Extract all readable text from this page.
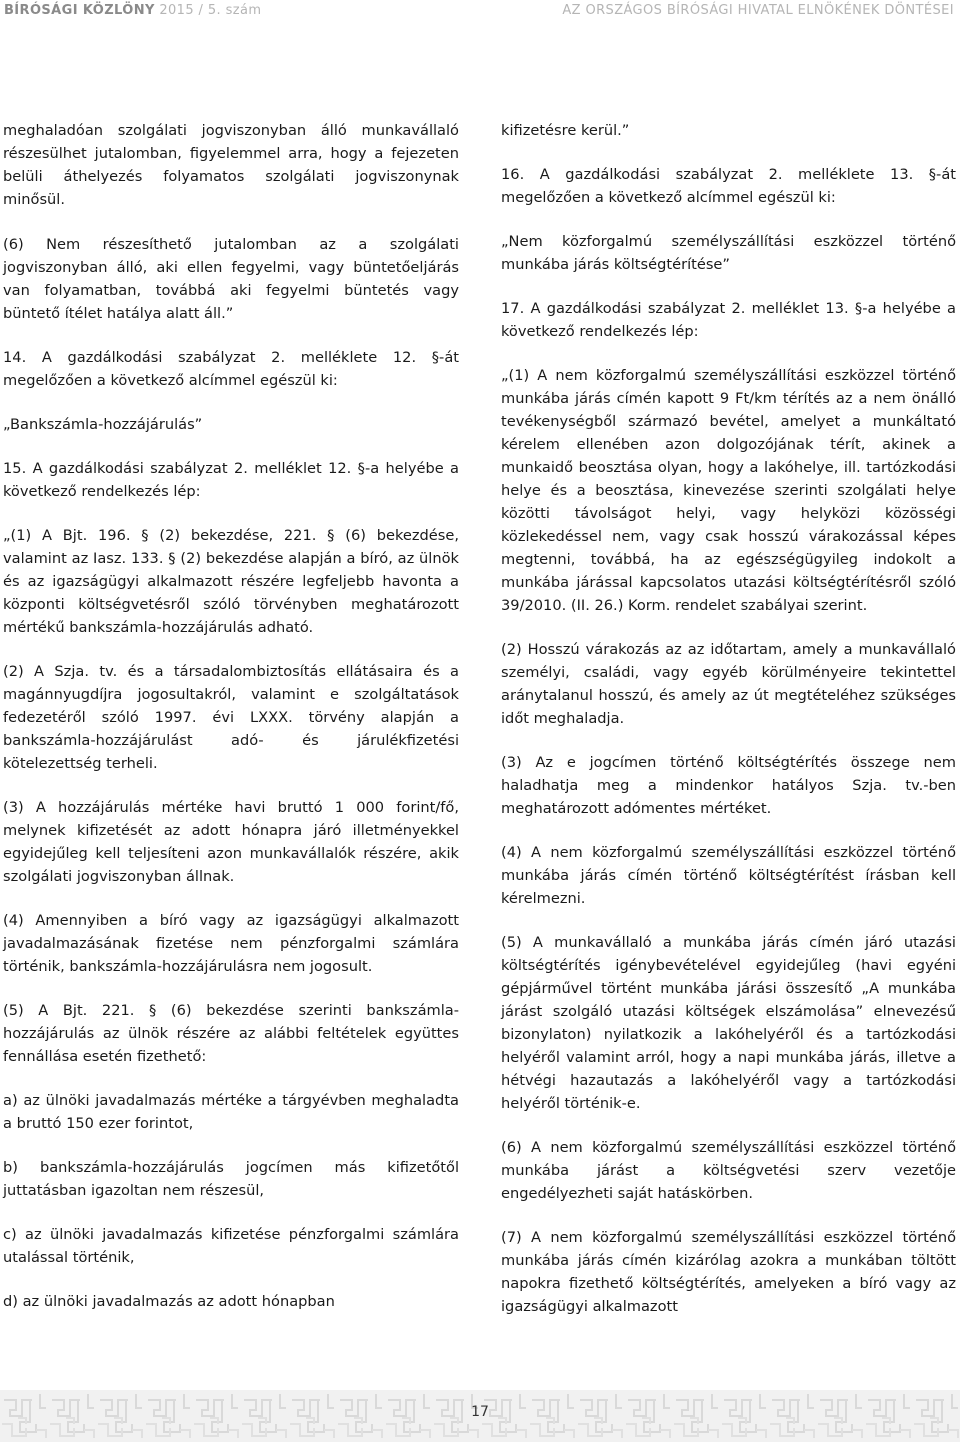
BÍRÓSÁGI KÖZLÖNY 2015 / 5. szám	AZ ORSZÁGOS BÍRÓSÁGI HIVATAL ELNÖKÉNEK DÖNTÉSEI

meghaladóan szolgálati jogviszonyban álló munkavállaló részesülhet jutalomban, figyelemmel arra, hogy a fejezeten belüli áthelyezés folyamatos szolgálati jogviszonynak minősül.

(6) Nem részesíthető jutalomban az a szolgálati jogviszonyban álló, aki ellen fegyelmi, vagy büntetőeljárás van folyamatban, továbbá aki fegyelmi büntetés vagy büntető ítélet hatálya alatt áll.”

14. A gazdálkodási szabályzat 2. melléklete 12. §-át megelőzően a következő alcímmel egészül ki:

„Bankszámla-hozzájárulás”

15. A gazdálkodási szabályzat 2. melléklet 12. §-a helyébe a következő rendelkezés lép:

„(1) A Bjt. 196. § (2) bekezdése, 221. § (6) bekezdése, valamint az Iasz. 133. § (2) bekezdése alapján a bíró, az ülnök és az igazságügyi alkalmazott részére legfeljebb havonta a központi költségvetésről szóló törvényben meghatározott mértékű bankszámla-hozzájárulás adható.

(2) A Szja. tv. és a társadalombiztosítás ellátásaira és a magánnyugdíjra jogosultakról, valamint e szolgáltatások fedezetéről szóló 1997. évi LXXX. törvény alapján a bankszámla-hozzájárulást adó- és járulékfizetési kötelezettség terheli.

(3) A hozzájárulás mértéke havi bruttó 1 000 forint/fő, melynek kifizetését az adott hónapra járó illetményekkel egyidejűleg kell teljesíteni azon munkavállalók részére, akik szolgálati jogviszonyban állnak.

(4) Amennyiben a bíró vagy az igazságügyi alkalmazott javadalmazásának fizetése nem pénzforgalmi számlára történik, bankszámla-hozzájárulásra nem jogosult.

(5) A Bjt. 221. § (6) bekezdése szerinti bankszámla-hozzájárulás az ülnök részére az alábbi feltételek együttes fennállása esetén fizethető:

a) az ülnöki javadalmazás mértéke a tárgyévben meghaladta a bruttó 150 ezer forintot,

b) bankszámla-hozzájárulás jogcímen más kifizetőtől juttatásban igazoltan nem részesül,

c) az ülnöki javadalmazás kifizetése pénzforgalmi számlára utalással történik,

d) az ülnöki javadalmazás az adott hónapban

kifizetésre kerül.”

16. A gazdálkodási szabályzat 2. melléklete 13. §-át megelőzően a következő alcímmel egészül ki:

„Nem közforgalmú személyszállítási eszközzel történő munkába járás költségtérítése”

17. A gazdálkodási szabályzat 2. melléklet 13. §-a helyébe a következő rendelkezés lép:

„(1) A nem közforgalmú személyszállítási eszközzel történő munkába járás címén kapott 9 Ft/km térítés az a nem önálló tevékenységből származó bevétel, amelyet a munkáltató kérelem ellenében azon dolgozójának térít, akinek a munkaidő beosztása olyan, hogy a lakóhelye, ill. tartózkodási helye és a beosztása, kinevezése szerinti szolgálati helye közötti távolságot helyi, vagy helyközi közösségi közlekedéssel nem, vagy csak hosszú várakozással képes megtenni, továbbá, ha az egészségügyileg indokolt a munkába járással kapcsolatos utazási költségtérítésről szóló 39/2010. (II. 26.) Korm. rendelet szabályai szerint.

(2) Hosszú várakozás az az időtartam, amely a munkavállaló személyi, családi, vagy egyéb körülményeire tekintettel aránytalanul hosszú, és amely az út megtételéhez szükséges időt meghaladja.

(3) Az e jogcímen történő költségtérítés összege nem haladhatja meg a mindenkor hatályos Szja. tv.-ben meghatározott adómentes mértéket.

(4) A nem közforgalmú személyszállítási eszközzel történő munkába járás címén történő költségtérítést írásban kell kérelmezni.

(5) A munkavállaló a munkába járás címén járó utazási költségtérítés igénybevételével egyidejűleg (havi egyéni gépjárművel történt munkába járási összesítő „A munkába járást szolgáló utazási költségek elszámolása” elnevezésű bizonylaton) nyilatkozik a lakóhelyéről és a tartózkodási helyéről valamint arról, hogy a napi munkába járás, illetve a hétvégi hazautazás a lakóhelyéről vagy a tartózkodási helyéről történik-e.

(6) A nem közforgalmú személyszállítási eszközzel történő munkába járást a költségvetési szerv vezetője engedélyezheti saját hatáskörben.

(7) A nem közforgalmú személyszállítási eszközzel történő munkába járás címén kizárólag azokra a munkában töltött napokra fizethető költségtérítés, amelyeken a bíró vagy az igazságügyi alkalmazott

17
